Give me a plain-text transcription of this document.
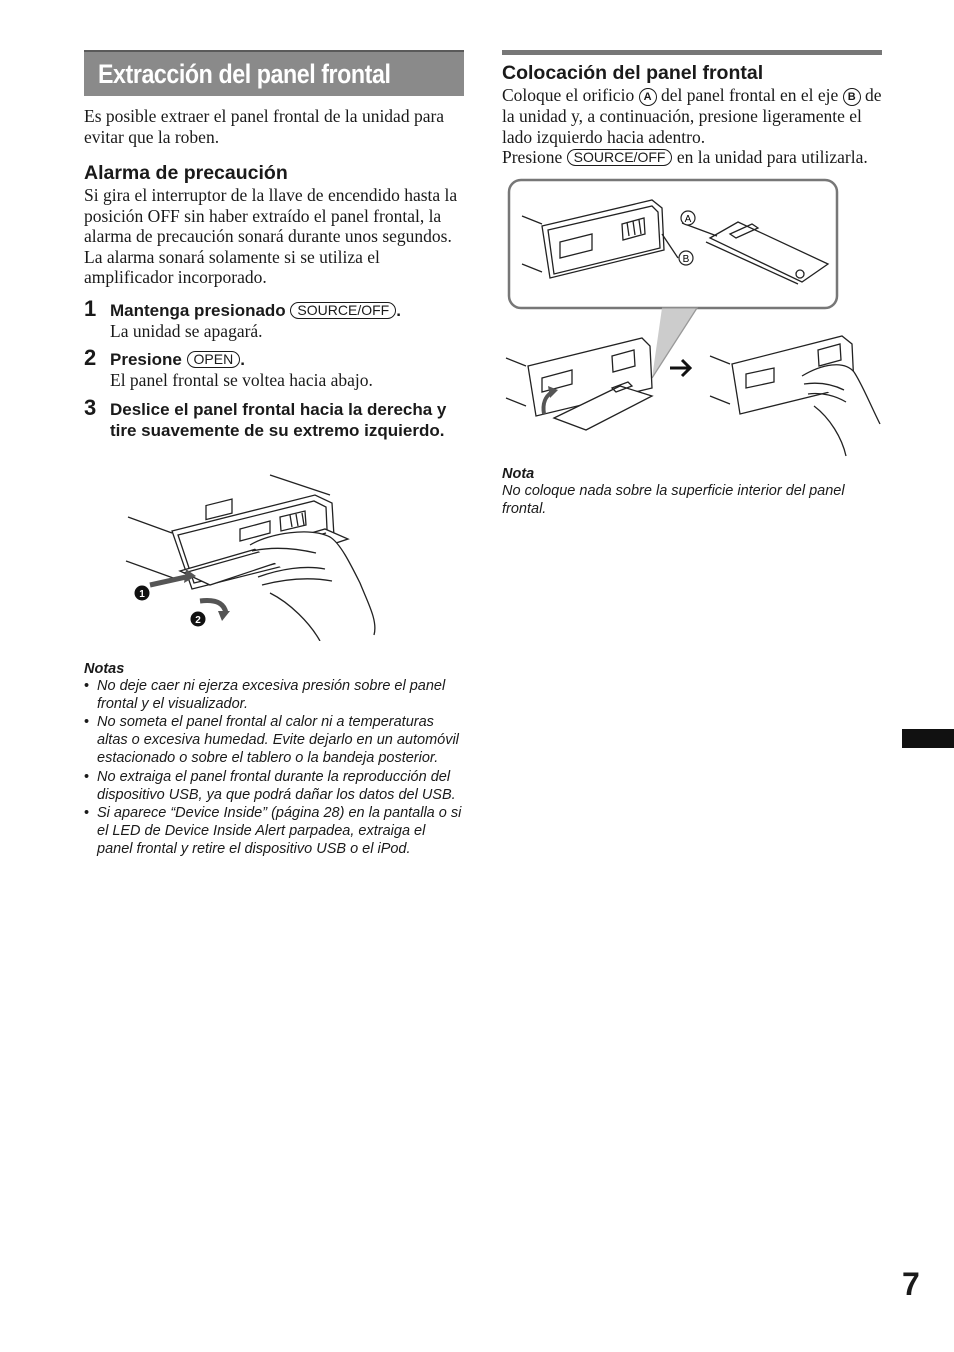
Extracción del panel frontal

Es posible extraer el panel frontal de la unidad para evitar que la roben.

Alarma de precaución

Si gira el interruptor de la llave de encendido hasta la posición OFF sin haber extraído el panel frontal, la alarma de precaución sonará durante unos segundos.

La alarma sonará solamente si se utiliza el amplificador incorporado.

1 Mantenga presionado SOURCE/OFF .

La unidad se apagará.

2 Presione OPEN .

El panel frontal se voltea hacia abajo.

3 Deslice el panel frontal hacia la derecha y tire suavemente de su extremo izquierdo.

1
2

Notas

• No deje caer ni ejerza excesiva presión sobre el panel frontal y el visualizador.
• No someta el panel frontal al calor ni a temperaturas altas o excesiva humedad. Evite dejarlo en un automóvil estacionado o sobre el tablero o la bandeja posterior.
• No extraiga el panel frontal durante la reproducción del dispositivo USB, ya que podrá dañar los datos del USB.
• Si aparece “Device Inside” (página 28) en la pantalla o si el LED de Device Inside Alert parpadea, extraiga el panel frontal y retire el dispositivo USB o el iPod.
Colocación del panel frontal

Coloque el orificio A del panel frontal en el eje B de la unidad y, a continuación, presione ligeramente el lado izquierdo hacia adentro.
Presione SOURCE/OFF en la unidad para utilizarla.

A
B

Nota

No coloque nada sobre la superficie interior del panel frontal.

7
